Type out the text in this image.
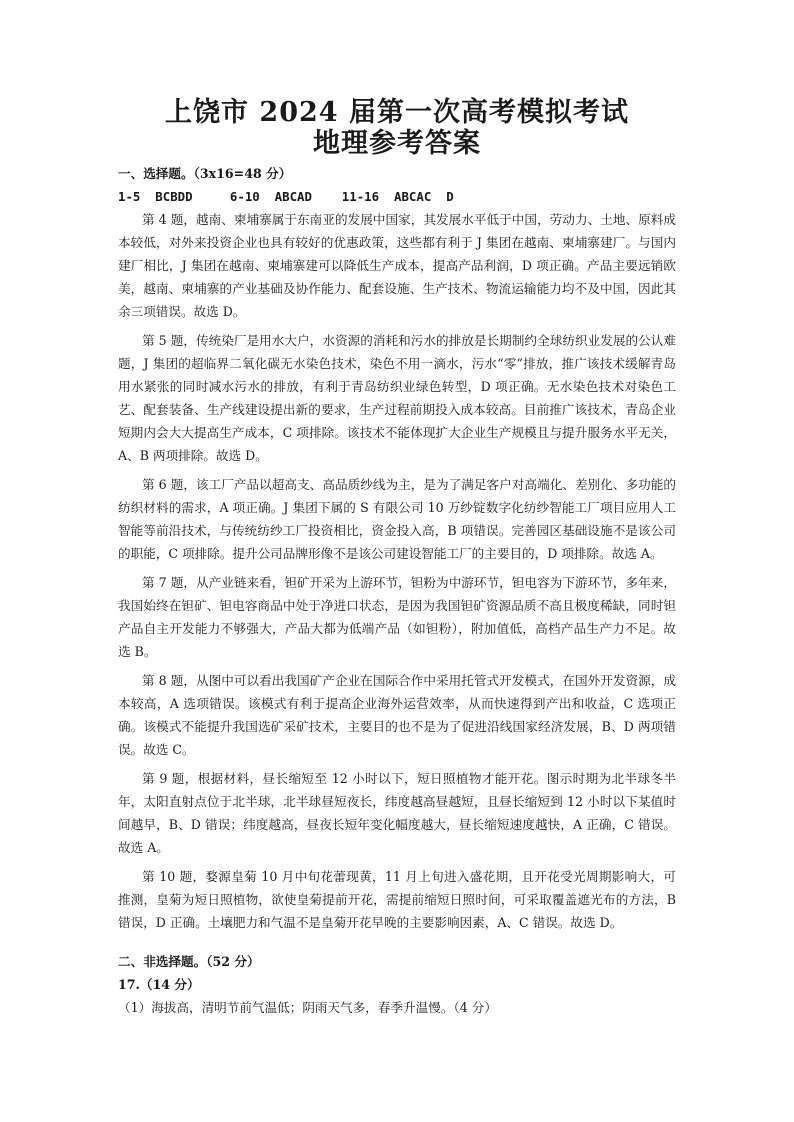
上饶市 2024 届第一次高考模拟考试

地理参考答案

一、选择题。（3x16=48 分）

1-5  BCBDD     6-10  ABCAD    11-16  ABCAC  D

第 4 题，越南、柬埔寨属于东南亚的发展中国家，其发展水平低于中国，劳动力、土地、原料成本较低，对外来投资企业也具有较好的优惠政策，这些都有利于 J 集团在越南、柬埔寨建厂。与国内建厂相比，J 集团在越南、柬埔寨建可以降低生产成本，提高产品利润，D 项正确。产品主要远销欧美，越南、柬埔寨的产业基础及协作能力、配套设施、生产技术、物流运输能力均不及中国，因此其余三项错误。故选 D。

第 5 题，传统染厂是用水大户，水资源的消耗和污水的排放是长期制约全球纺织业发展的公认难题，J 集团的超临界二氧化碳无水染色技术，染色不用一滴水，污水“零”排放，推广该技术缓解青岛用水紧张的同时减水污水的排放，有利于青岛纺织业绿色转型，D 项正确。无水染色技术对染色工艺、配套装备、生产线建设提出新的要求，生产过程前期投入成本较高。目前推广该技术，青岛企业短期内会大大提高生产成本，C 项排除。该技术不能体现扩大企业生产规模且与提升服务水平无关，A、B 两项排除。故选 D。

第 6 题，该工厂产品以超高支、高品质纱线为主，是为了满足客户对高端化、差别化、多功能的纺织材料的需求，A 项正确。J 集团下属的 S 有限公司 10 万纱锭数字化纺纱智能工厂项目应用人工智能等前沿技术，与传统纺纱工厂投资相比，资金投入高，B 项错误。完善园区基础设施不是该公司的职能，C 项排除。提升公司品牌形像不是该公司建设智能工厂的主要目的，D 项排除。故选 A。

第 7 题，从产业链来看，钽矿开采为上游环节，钽粉为中游环节，钽电容为下游环节，多年来，我国始终在钽矿、钽电容商品中处于净进口状态，是因为我国钽矿资源品质不高且极度稀缺，同时钽产品自主开发能力不够强大，产品大都为低端产品（如钽粉），附加值低，高档产品生产力不足。故选 B。

第 8 题，从图中可以看出我国矿产企业在国际合作中采用托管式开发模式，在国外开发资源，成本较高，A 选项错误。该模式有利于提高企业海外运营效率，从而快速得到产出和收益，C 选项正确。该模式不能提升我国选矿采矿技术，主要目的也不是为了促进沿线国家经济发展，B、D 两项错误。故选 C。

第 9 题，根据材料，昼长缩短至 12 小时以下，短日照植物才能开花。图示时期为北半球冬半年，太阳直射点位于北半球，北半球昼短夜长，纬度越高昼越短，且昼长缩短到 12 小时以下某值时间越早，B、D 错误；纬度越高，昼夜长短年变化幅度越大，昼长缩短速度越快，A 正确，C 错误。故选 A。

第 10 题，婺源皇菊 10 月中旬花蕾现黄，11 月上旬进入盛花期，且开花受光周期影响大，可推测，皇菊为短日照植物，欲使皇菊提前开花，需提前缩短日照时间，可采取覆盖遮光布的方法，B 错误，D 正确。土壤肥力和气温不是皇菊开花早晚的主要影响因素，A、C 错误。故选 D。

二、非选择题。（52 分）

17.（14 分）

（1）海拔高，清明节前气温低；阴雨天气多，春季升温慢。（4 分）
